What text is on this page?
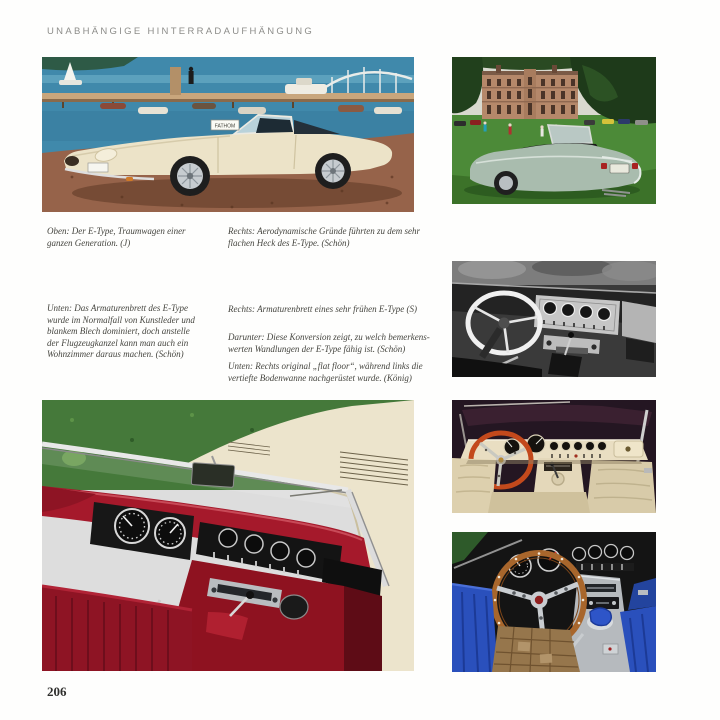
UNABHÄNGIGE HINTERRADAUFHÄNGUNG
FATHOM
Oben: Der E-Type, Traumwagen einer
ganzen Generation. (J)
Rechts: Aerodynamische Gründe führten zu dem sehr
flachen Heck des E-Type. (Schön)
Unten: Das Armaturenbrett des E-Type
wurde im Normalfall von Kunstleder und
blankem Blech dominiert, doch anstelle
der Flugzeugkanzel kann man auch ein
Wohnzimmer daraus machen. (Schön)
Rechts: Armaturenbrett eines sehr frühen E-Type (S)
Darunter: Diese Konversion zeigt, zu welch bemerkens-
werten Wandlungen der E-Type fähig ist. (Schön)
Unten: Rechts original „flat floor“, während links die
vertiefte Bodenwanne nachgerüstet wurde. (König)
206
